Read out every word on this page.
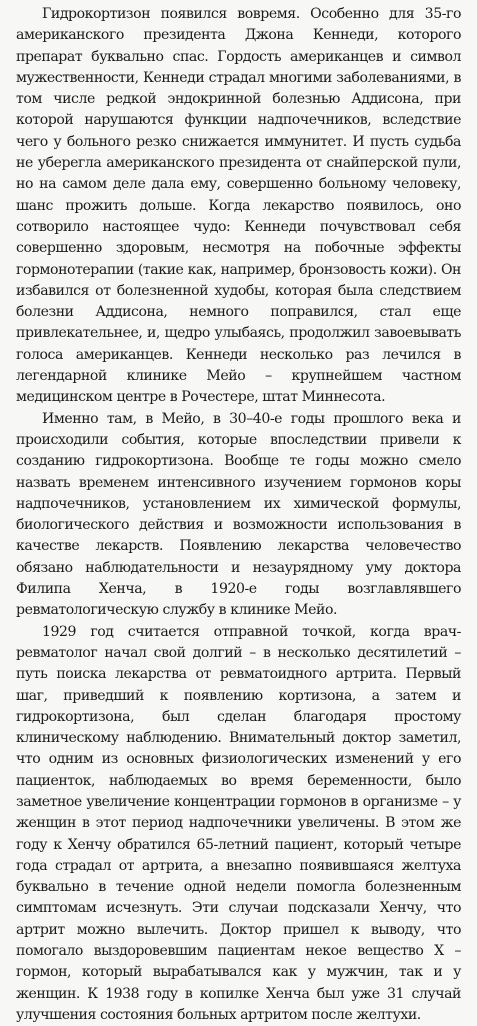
Гидрокортизон появился вовремя. Особенно для 35-го американского президента Джона Кеннеди, которого препарат буквально спас. Гордость американцев и символ мужественности, Кеннеди страдал многими заболеваниями, в том числе редкой эндокринной болезнью Аддисона, при которой нарушаются функции надпочечников, вследствие чего у больного резко снижается иммунитет. И пусть судьба не уберегла американского президента от снайперской пули, но на самом деле дала ему, совершенно больному человеку, шанс прожить дольше. Когда лекарство появилось, оно сотворило настоящее чудо: Кеннеди почувствовал себя совершенно здоровым, несмотря на побочные эффекты гормонотерапии (такие как, например, бронзовость кожи). Он избавился от болезненной худобы, которая была следствием болезни Аддисона, немного поправился, стал еще привлекательнее, и, щедро улыбаясь, продолжил завоевывать голоса американцев. Кеннеди несколько раз лечился в легендарной клинике Мейо – крупнейшем частном медицинском центре в Рочестере, штат Миннесота.

Именно там, в Мейо, в 30–40-е годы прошлого века и происходили события, которые впоследствии привели к созданию гидрокортизона. Вообще те годы можно смело назвать временем интенсивного изучением гормонов коры надпочечников, установлением их химической формулы, биологического действия и возможности использования в качестве лекарств. Появлению лекарства человечество обязано наблюдательности и незаурядному уму доктора Филипа Хенча, в 1920-е годы возглавлявшего ревматологическую службу в клинике Мейо.

1929 год считается отправной точкой, когда врач-ревматолог начал свой долгий – в несколько десятилетий – путь поиска лекарства от ревматоидного артрита. Первый шаг, приведший к появлению кортизона, а затем и гидрокортизона, был сделан благодаря простому клиническому наблюдению. Внимательный доктор заметил, что одним из основных физиологических изменений у его пациенток, наблюдаемых во время беременности, было заметное увеличение концентрации гормонов в организме – у женщин в этот период надпочечники увеличены. В этом же году к Хенчу обратился 65-летний пациент, который четыре года страдал от артрита, а внезапно появившаяся желтуха буквально в течение одной недели помогла болезненным симптомам исчезнуть. Эти случаи подсказали Хенчу, что артрит можно вылечить. Доктор пришел к выводу, что помогало выздоровевшим пациентам некое вещество X – гормон, который вырабатывался как у мужчин, так и у женщин. К 1938 году в копилке Хенча был уже 31 случай улучшения состояния больных артритом после желтухи.
